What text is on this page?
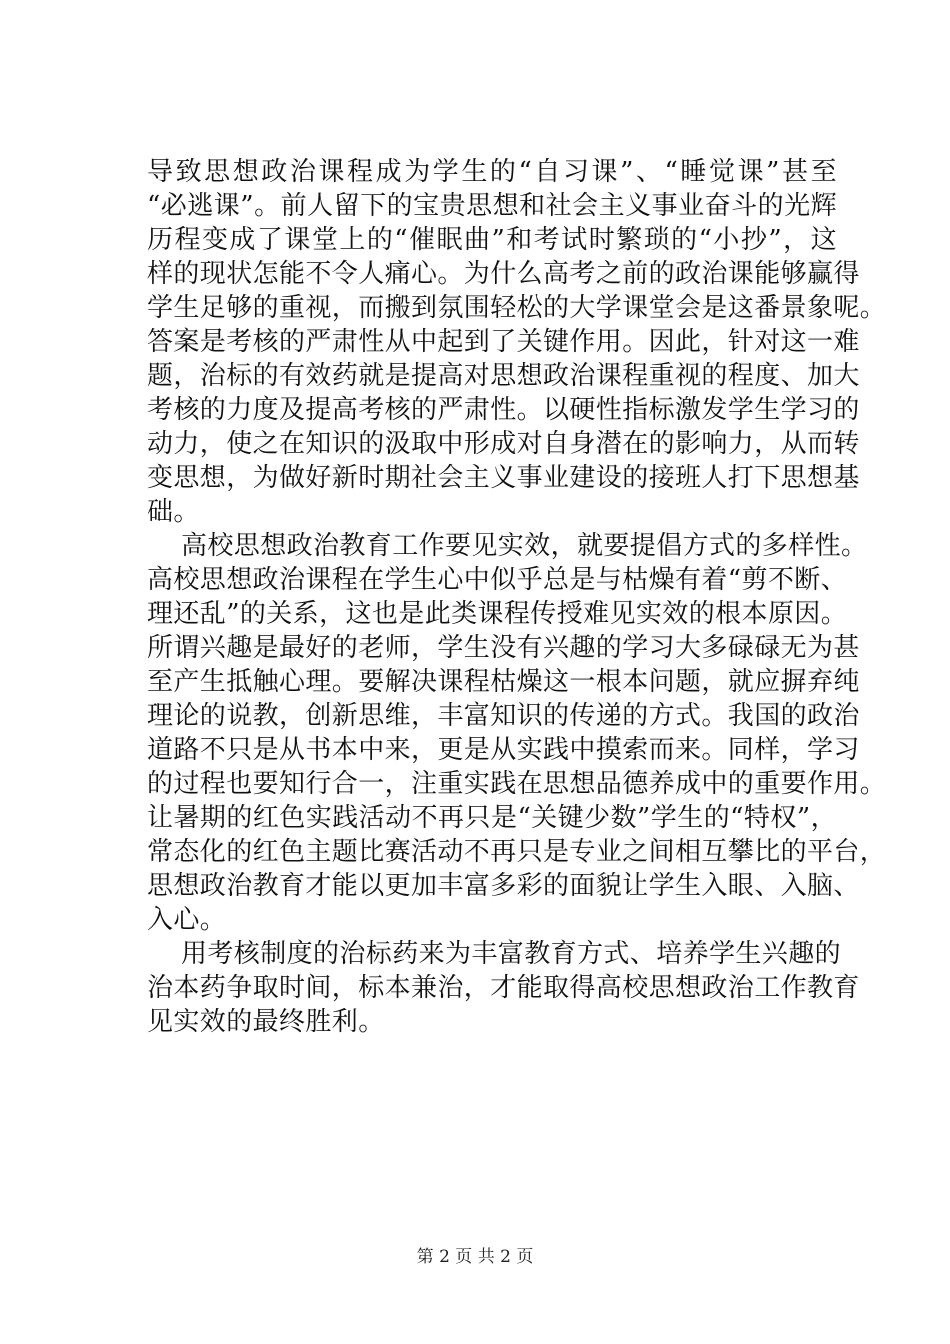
导致思想政治课程成为学生的“自习课”、“睡觉课”甚至
“必逃课”。前人留下的宝贵思想和社会主义事业奋斗的光辉
历程变成了课堂上的“催眠曲”和考试时繁琐的“小抄”，这
样的现状怎能不令人痛心。为什么高考之前的政治课能够赢得
学生足够的重视，而搬到氛围轻松的大学课堂会是这番景象呢。
答案是考核的严肃性从中起到了关键作用。因此，针对这一难
题，治标的有效药就是提高对思想政治课程重视的程度、加大
考核的力度及提高考核的严肃性。以硬性指标激发学生学习的
动力，使之在知识的汲取中形成对自身潜在的影响力，从而转
变思想，为做好新时期社会主义事业建设的接班人打下思想基
础。
高校思想政治教育工作要见实效，就要提倡方式的多样性。
高校思想政治课程在学生心中似乎总是与枯燥有着“剪不断、
理还乱”的关系，这也是此类课程传授难见实效的根本原因。
所谓兴趣是最好的老师，学生没有兴趣的学习大多碌碌无为甚
至产生抵触心理。要解决课程枯燥这一根本问题，就应摒弃纯
理论的说教，创新思维，丰富知识的传递的方式。我国的政治
道路不只是从书本中来，更是从实践中摸索而来。同样，学习
的过程也要知行合一，注重实践在思想品德养成中的重要作用。
让暑期的红色实践活动不再只是“关键少数”学生的“特权”，
常态化的红色主题比赛活动不再只是专业之间相互攀比的平台，
思想政治教育才能以更加丰富多彩的面貌让学生入眼、入脑、
入心。
用考核制度的治标药来为丰富教育方式、培养学生兴趣的
治本药争取时间，标本兼治，才能取得高校思想政治工作教育
见实效的最终胜利。
第 2 页 共 2 页
